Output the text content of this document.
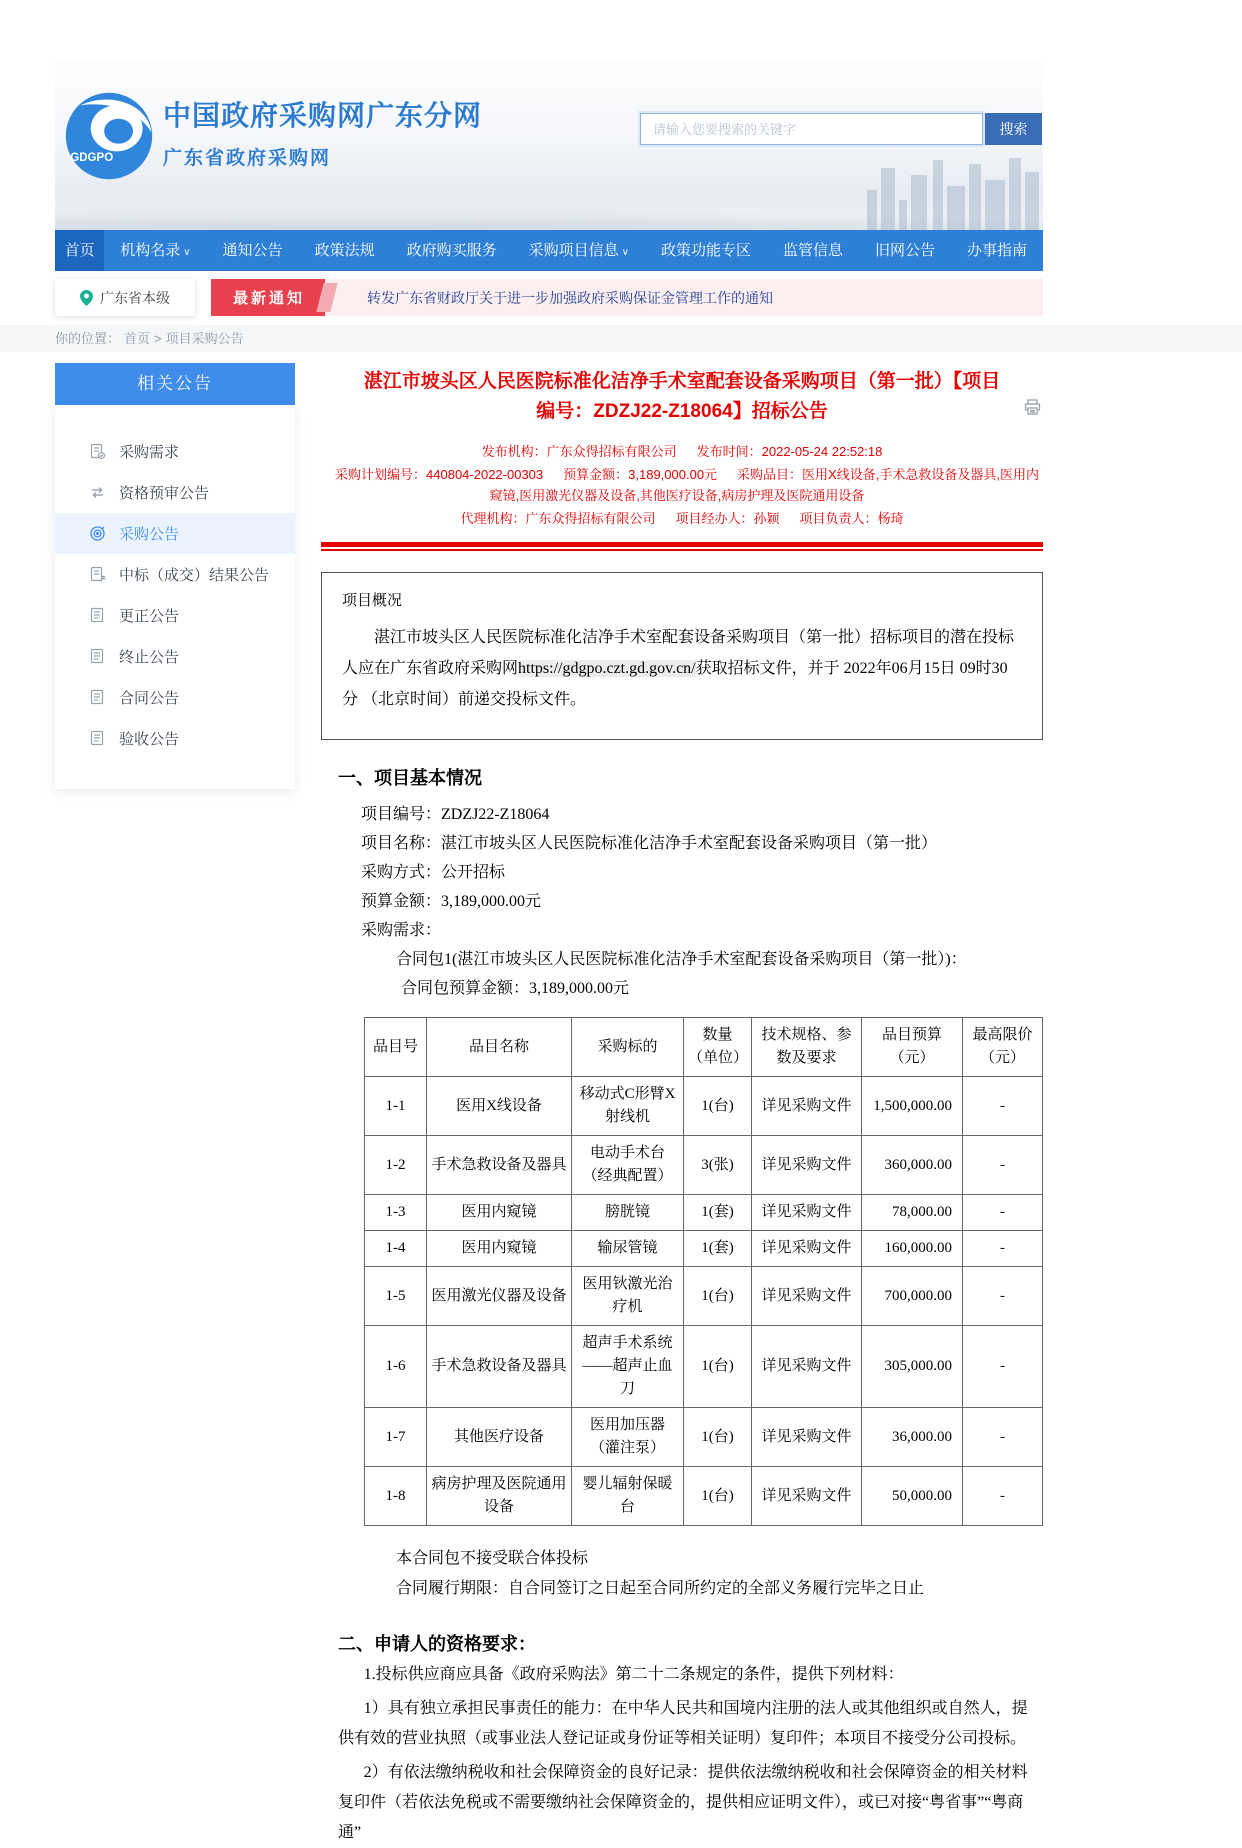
GDGPO
中国政府采购网广东分网
广东省政府采购网
请输入您要搜索的关键字
搜索
首页	机构名录 ∨	通知公告	政策法规	政府购买服务	采购项目信息 ∨	政策功能专区	监管信息	旧网公告	办事指南
广东省本级	最新通知	转发广东省财政厅关于进一步加强政府采购保证金管理工作的通知
你的位置： 首页 > 项目采购公告
相关公告
采购需求
资格预审公告
采购公告
中标（成交）结果公告
更正公告
终止公告
合同公告
验收公告
湛江市坡头区人民医院标准化洁净手术室配套设备采购项目（第一批）【项目编号：ZDZJ22-Z18064】招标公告
发布机构：广东众得招标有限公司 发布时间：2022-05-24 22:52:18
采购计划编号：440804-2022-00303 预算金额：3,189,000.00元 采购品目：医用X线设备,手术急救设备及器具,医用内窥镜,医用激光仪器及设备,其他医疗设备,病房护理及医院通用设备
代理机构：广东众得招标有限公司 项目经办人：孙颖 项目负责人：杨琦
项目概况
湛江市坡头区人民医院标准化洁净手术室配套设备采购项目（第一批）招标项目的潜在投标人应在广东省政府采购网https://gdgpo.czt.gd.gov.cn/获取招标文件，并于 2022年06月15日 09时30分 （北京时间）前递交投标文件。
一、项目基本情况
项目编号：ZDZJ22-Z18064
项目名称：湛江市坡头区人民医院标准化洁净手术室配套设备采购项目（第一批）
采购方式：公开招标
预算金额：3,189,000.00元
采购需求：
合同包1(湛江市坡头区人民医院标准化洁净手术室配套设备采购项目（第一批）)：
合同包预算金额：3,189,000.00元
品目号	品目名称	采购标的	数量（单位）	技术规格、参数及要求	品目预算（元）	最高限价（元）
1-1	医用X线设备	移动式C形臂X射线机	1(台)	详见采购文件	1,500,000.00	-
1-2	手术急救设备及器具	电动手术台（经典配置）	3(张)	详见采购文件	360,000.00	-
1-3	医用内窥镜	膀胱镜	1(套)	详见采购文件	78,000.00	-
1-4	医用内窥镜	输尿管镜	1(套)	详见采购文件	160,000.00	-
1-5	医用激光仪器及设备	医用钬激光治疗机	1(台)	详见采购文件	700,000.00	-
1-6	手术急救设备及器具	超声手术系统——超声止血刀	1(台)	详见采购文件	305,000.00	-
1-7	其他医疗设备	医用加压器（灌注泵）	1(台)	详见采购文件	36,000.00	-
1-8	病房护理及医院通用设备	婴儿辐射保暖台	1(台)	详见采购文件	50,000.00	-
本合同包不接受联合体投标
合同履行期限：自合同签订之日起至合同所约定的全部义务履行完毕之日止
二、申请人的资格要求：
1.投标供应商应具备《政府采购法》第二十二条规定的条件，提供下列材料：
1）具有独立承担民事责任的能力：在中华人民共和国境内注册的法人或其他组织或自然人，提供有效的营业执照（或事业法人登记证或身份证等相关证明）复印件；本项目不接受分公司投标。
2）有依法缴纳税收和社会保障资金的良好记录：提供依法缴纳税收和社会保障资金的相关材料复印件（若依法免税或不需要缴纳社会保障资金的，提供相应证明文件），或已对接“粤省事”“粤商通”
